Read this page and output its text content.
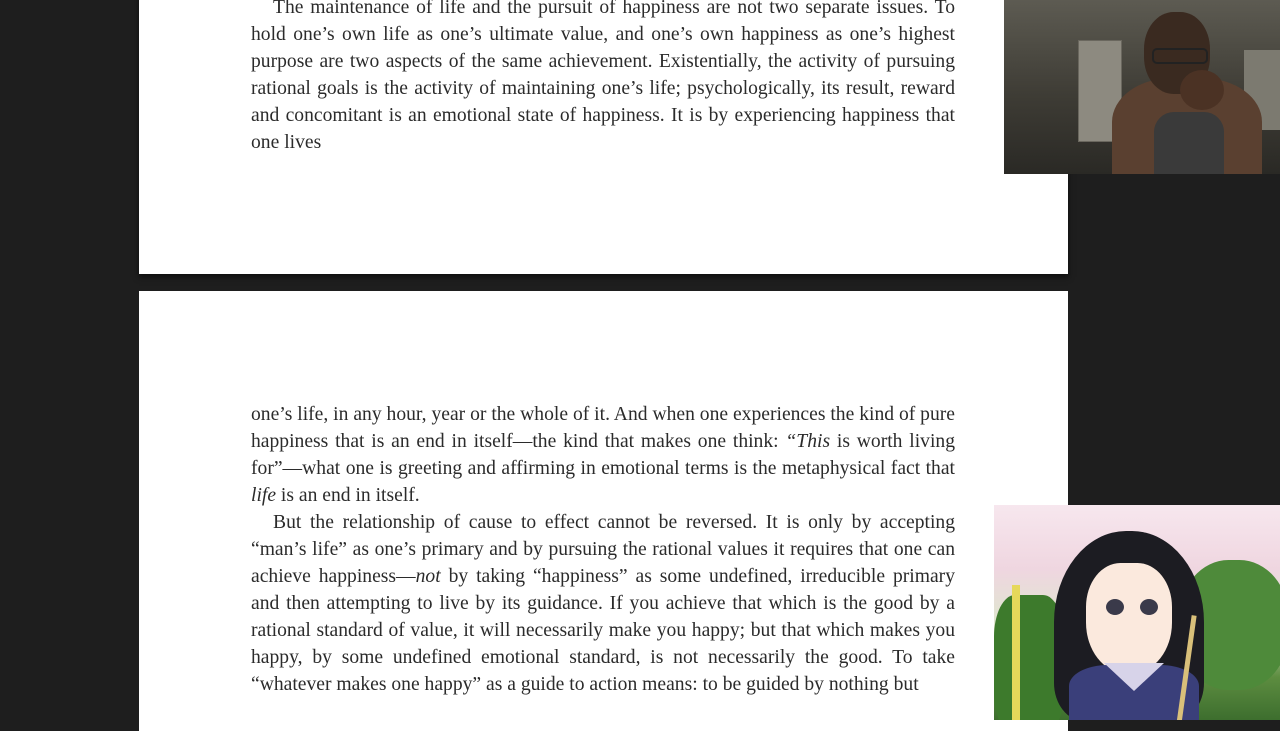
The maintenance of life and the pursuit of happiness are not two separate issues. To hold one’s own life as one’s ultimate value, and one’s own happiness as one’s highest purpose are two aspects of the same achievement. Existentially, the activity of pursuing rational goals is the activity of maintaining one’s life; psychologically, its result, reward and concomitant is an emotional state of happiness. It is by experiencing happiness that one lives

one’s life, in any hour, year or the whole of it. And when one experiences the kind of pure happiness that is an end in itself—the kind that makes one think: “This is worth living for”—what one is greeting and affirming in emotional terms is the metaphysical fact that life is an end in itself.

But the relationship of cause to effect cannot be reversed. It is only by accepting “man’s life” as one’s primary and by pursuing the rational values it requires that one can achieve happiness—not by taking “happiness” as some undefined, irreducible primary and then attempting to live by its guidance. If you achieve that which is the good by a rational standard of value, it will necessarily make you happy; but that which makes you happy, by some undefined emotional standard, is not necessarily the good. To take “whatever makes one happy” as a guide to action means: to be guided by nothing but
